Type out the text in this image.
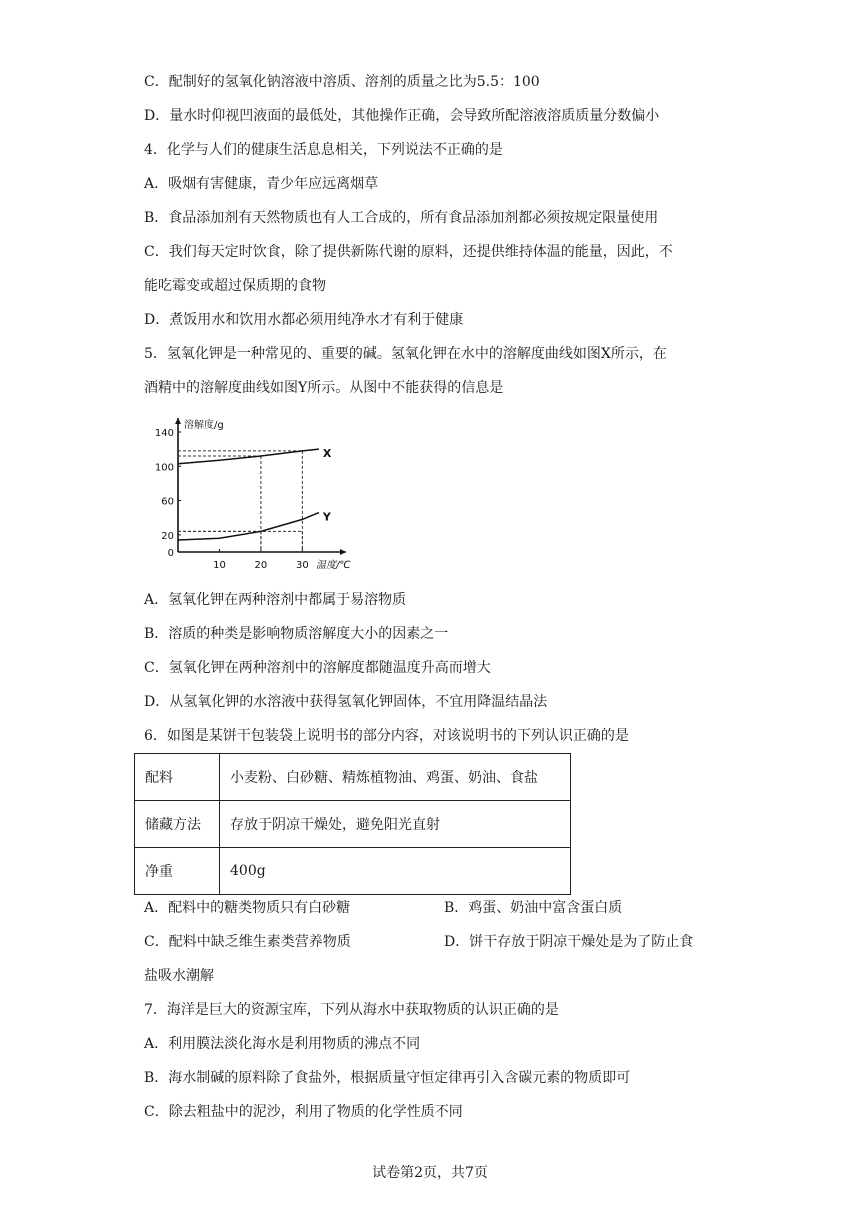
C．配制好的氢氧化钠溶液中溶质、溶剂的质量之比为5.5：100
D．量水时仰视凹液面的最低处，其他操作正确，会导致所配溶液溶质质量分数偏小
4．化学与人们的健康生活息息相关，下列说法不正确的是
A．吸烟有害健康，青少年应远离烟草
B．食品添加剂有天然物质也有人工合成的，所有食品添加剂都必须按规定限量使用
C．我们每天定时饮食，除了提供新陈代谢的原料，还提供维持体温的能量，因此，不
能吃霉变或超过保质期的食物
D．煮饭用水和饮用水都必须用纯净水才有利于健康
5．氢氧化钾是一种常见的、重要的碱。氢氧化钾在水中的溶解度曲线如图X所示，在
酒精中的溶解度曲线如图Y所示。从图中不能获得的信息是
溶解度/g
温度/℃
140
100
60
20
0
10	20	30
X
Y
A．氢氧化钾在两种溶剂中都属于易溶物质
B．溶质的种类是影响物质溶解度大小的因素之一
C．氢氧化钾在两种溶剂中的溶解度都随温度升高而增大
D．从氢氧化钾的水溶液中获得氢氧化钾固体，不宜用降温结晶法
6．如图是某饼干包装袋上说明书的部分内容，对该说明书的下列认识正确的是
配料	小麦粉、白砂糖、精炼植物油、鸡蛋、奶油、食盐
储藏方法	存放于阴凉干燥处，避免阳光直射
净重	400g
A．配料中的糖类物质只有白砂糖	B．鸡蛋、奶油中富含蛋白质
C．配料中缺乏维生素类营养物质	D．饼干存放于阴凉干燥处是为了防止食
盐吸水潮解
7．海洋是巨大的资源宝库，下列从海水中获取物质的认识正确的是
A．利用膜法淡化海水是利用物质的沸点不同
B．海水制碱的原料除了食盐外，根据质量守恒定律再引入含碳元素的物质即可
C．除去粗盐中的泥沙，利用了物质的化学性质不同
试卷第2页，共7页
